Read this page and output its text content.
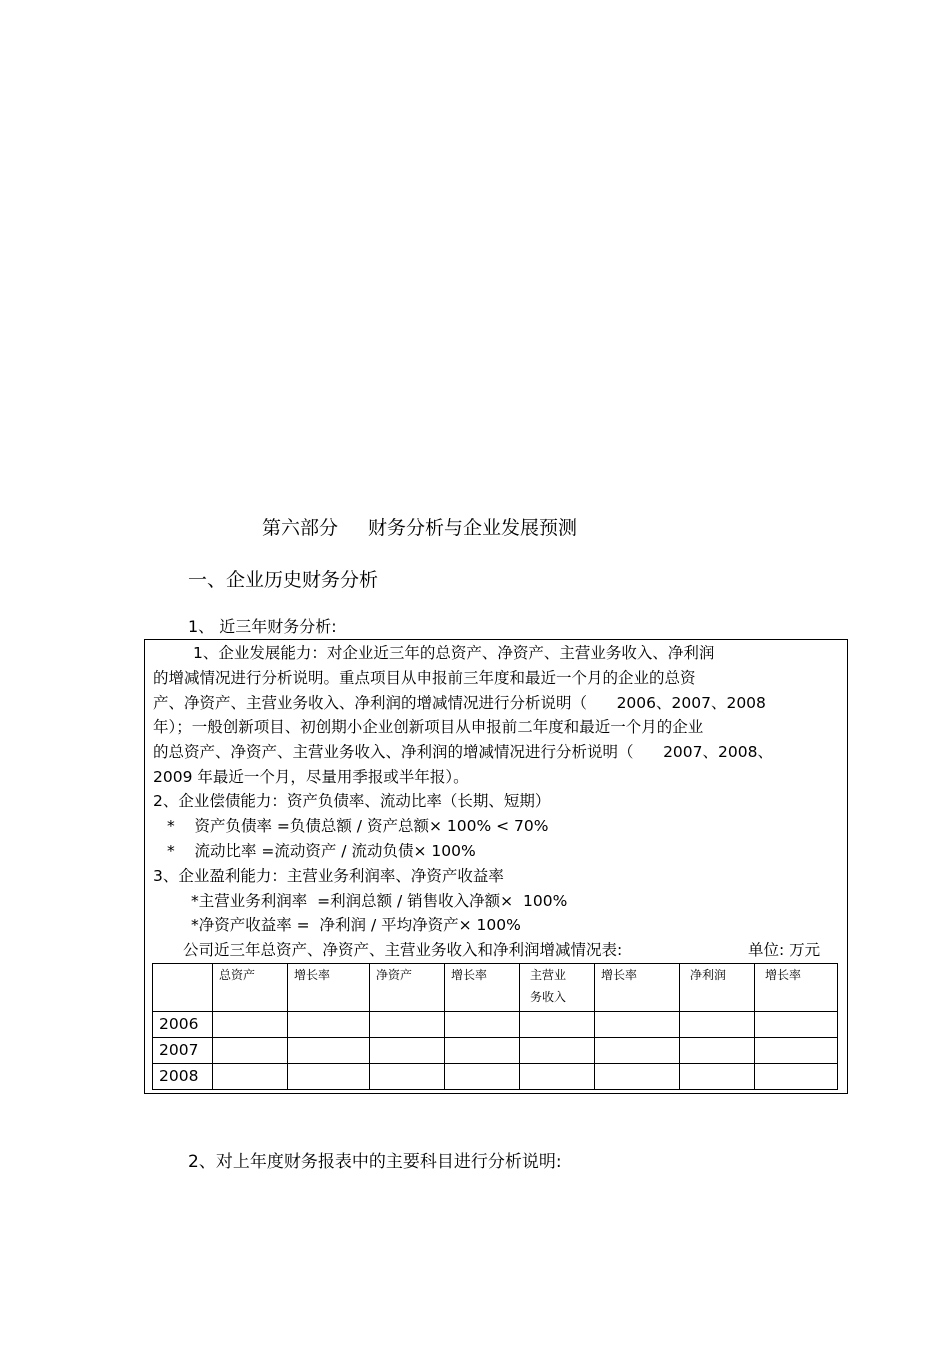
第六部分 财务分析与企业发展预测
一、企业历史财务分析
1、 近三年财务分析:
1、企业发展能力：对企业近三年的总资产、净资产、主营业务收入、净利润
的增减情况进行分析说明。重点项目从申报前三年度和最近一个月的企业的总资
产、净资产、主营业务收入、净利润的增减情况进行分析说明（      2006、2007、2008
年）；一般创新项目、初创期小企业创新项目从申报前二年度和最近一个月的企业
的总资产、净资产、主营业务收入、净利润的增减情况进行分析说明（      2007、2008、
2009 年最近一个月，尽量用季报或半年报）。
2、企业偿债能力：资产负债率、流动比率（长期、短期）
*    资产负债率 =负债总额 / 资产总额× 100% < 70%
*    流动比率 =流动资产 / 流动负债× 100%
3、企业盈利能力：主营业务利润率、净资产收益率
*主营业务利润率  =利润总额 / 销售收入净额×  100%
*净资产收益率 =  净利润 / 平均净资产× 100%
公司近三年总资产、净资产、主营业务收入和净利润增减情况表:	单位: 万元
	总资产	增长率	净资产	增长率	主营业
务收入	增长率	净利润	增长率
2006								
2007								
2008								
2、对上年度财务报表中的主要科目进行分析说明:
